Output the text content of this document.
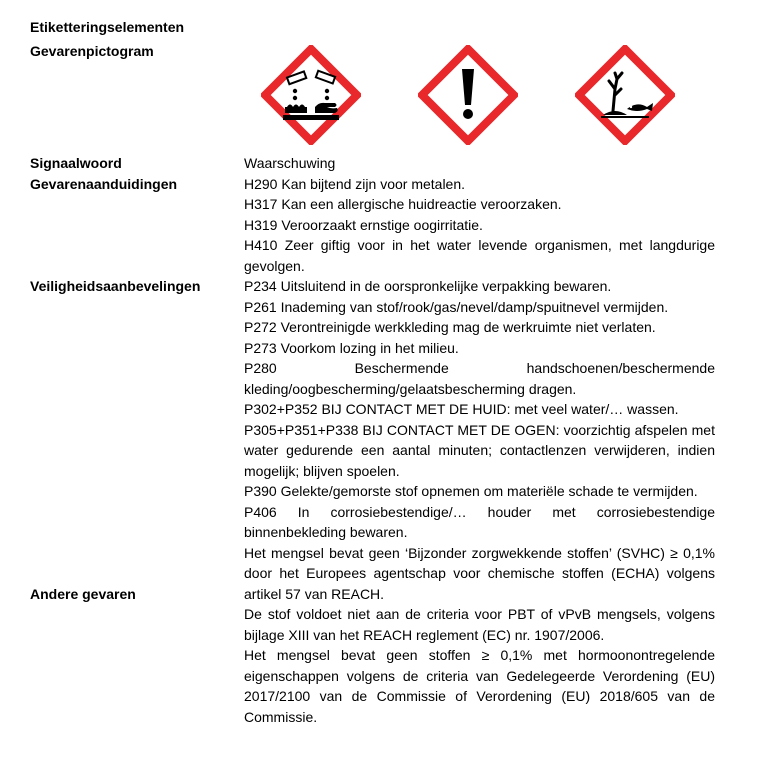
Etiketteringselementen
Gevarenpictogram
Signaalwoord
Gevarenaanduidingen
Veiligheidsaanbevelingen
Andere gevaren

Waarschuwing

H290 Kan bijtend zijn voor metalen.

H317 Kan een allergische huidreactie veroorzaken.

H319 Veroorzaakt ernstige oogirritatie.

H410 Zeer giftig voor in het water levende organismen, met langdurige gevolgen.

P234 Uitsluitend in de oorspronkelijke verpakking bewaren.

P261 Inademing van stof/rook/gas/nevel/damp/spuitnevel vermijden.

P272 Verontreinigde werkkleding mag de werkruimte niet verlaten.

P273 Voorkom lozing in het milieu.

P280 Beschermende handschoenen/beschermende kleding/oogbescherming/gelaatsbescherming dragen.

P302+P352 BIJ CONTACT MET DE HUID: met veel water/… wassen.

P305+P351+P338 BIJ CONTACT MET DE OGEN: voorzichtig afspelen met water gedurende een aantal minuten; contactlenzen verwijderen, indien mogelijk; blijven spoelen.

P390 Gelekte/gemorste stof opnemen om materiële schade te vermijden.

P406 In corrosiebestendige/… houder met corrosiebestendige binnenbekleding bewaren.

Het mengsel bevat geen ‘Bijzonder zorgwekkende stoffen’ (SVHC) ≥ 0,1% door het Europees agentschap voor chemische stoffen (ECHA) volgens artikel 57 van REACH.

De stof voldoet niet aan de criteria voor PBT of vPvB mengsels, volgens bijlage XIII van het REACH reglement (EC) nr. 1907/2006.

Het mengsel bevat geen stoffen ≥ 0,1% met hormoonontregelende eigenschappen volgens de criteria van Gedelegeerde Verordening (EU) 2017/2100 van de Commissie of Verordening (EU) 2018/605 van de Commissie.
